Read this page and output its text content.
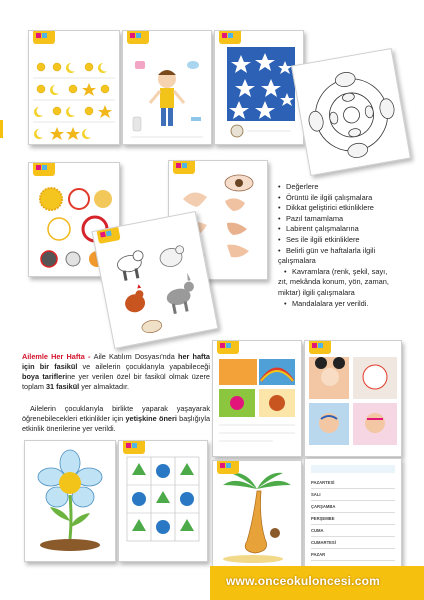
• Değerlere
• Örüntü ile ilgili çalışmalara
• Dikkat geliştirici etkinliklere
• Pazıl tamamlama
• Labirent çalışmalarına
• Ses ile ilgili etkinliklere
• Belirli gün ve haftalarla ilgili
çalışmalara
• Kavramlara (renk, şekil, sayı,
zıt, mekânda konum, yön, zaman,
miktar) ilgili çalışmalara
• Mandalalara yer verildi.
Ailemle Her Hafta - Aile Katılım Dosyası'nda her hafta için bir fasikül ve ailelerin çocuklarıyla yapabileceği boya tariflerine yer verilen özel bir fasikül olmak üzere toplam 31 fasikül yer almaktadır.
Ailelerin çocuklarıyla birlikte yaparak yaşayarak öğrenebilecekleri etkinlikler için yetişkine öneri başlığıyla etkinlik önerilerine yer verildi.
PAZARTESİ
SALI
ÇARŞAMBA
PERŞEMBE
CUMA
CUMARTESİ
PAZAR
www.onceokuloncesi.com
